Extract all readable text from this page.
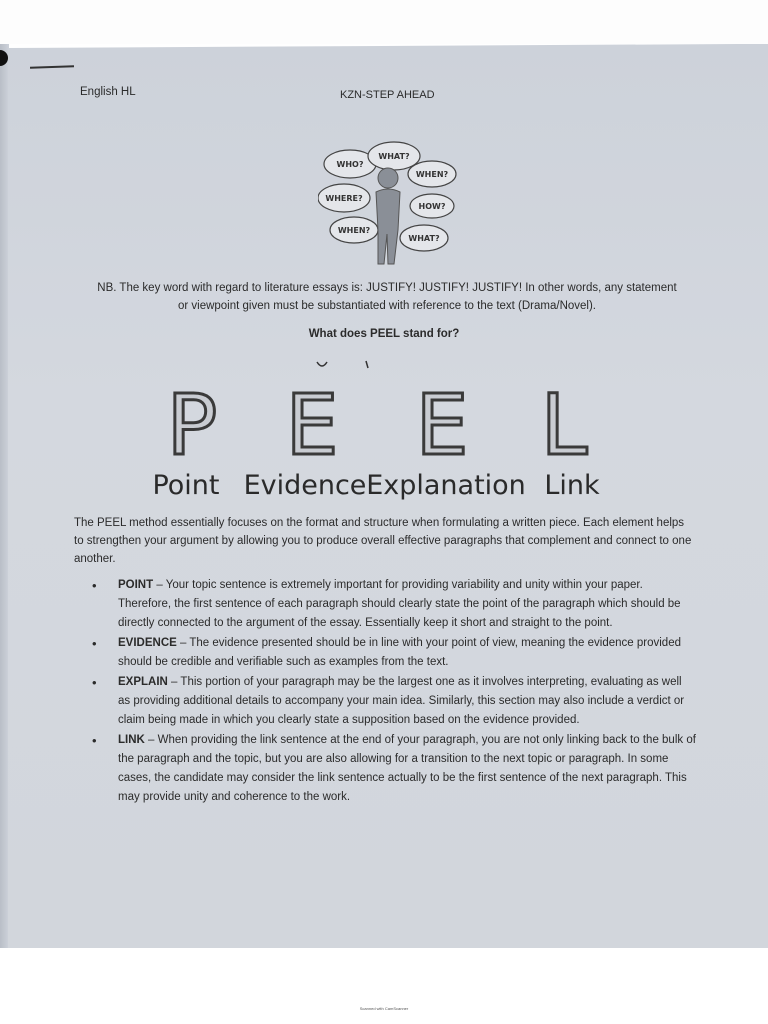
English HL	KZN-STEP AHEAD
WHO?
WHAT?
WHEN?
WHERE?
HOW?
WHEN?
WHAT?
NB. The key word with regard to literature essays is: JUSTIFY! JUSTIFY! JUSTIFY! In other words, any statement or viewpoint given must be substantiated with reference to the text (Drama/Novel).
What does PEEL stand for?
P E E L
Point Evidence Explanation Link
The PEEL method essentially focuses on the format and structure when formulating a written piece. Each element helps to strengthen your argument by allowing you to produce overall effective paragraphs that complement and connect to one another.
• POINT – Your topic sentence is extremely important for providing variability and unity within your paper. Therefore, the first sentence of each paragraph should clearly state the point of the paragraph which should be directly connected to the argument of the essay. Essentially keep it short and straight to the point.
• EVIDENCE – The evidence presented should be in line with your point of view, meaning the evidence provided should be credible and verifiable such as examples from the text.
• EXPLAIN – This portion of your paragraph may be the largest one as it involves interpreting, evaluating as well as providing additional details to accompany your main idea. Similarly, this section may also include a verdict or claim being made in which you clearly state a supposition based on the evidence provided.
• LINK – When providing the link sentence at the end of your paragraph, you are not only linking back to the bulk of the paragraph and the topic, but you are also allowing for a transition to the next topic or paragraph. In some cases, the candidate may consider the link sentence actually to be the first sentence of the next paragraph. This may provide unity and coherence to the work.
Scanned with CamScanner
